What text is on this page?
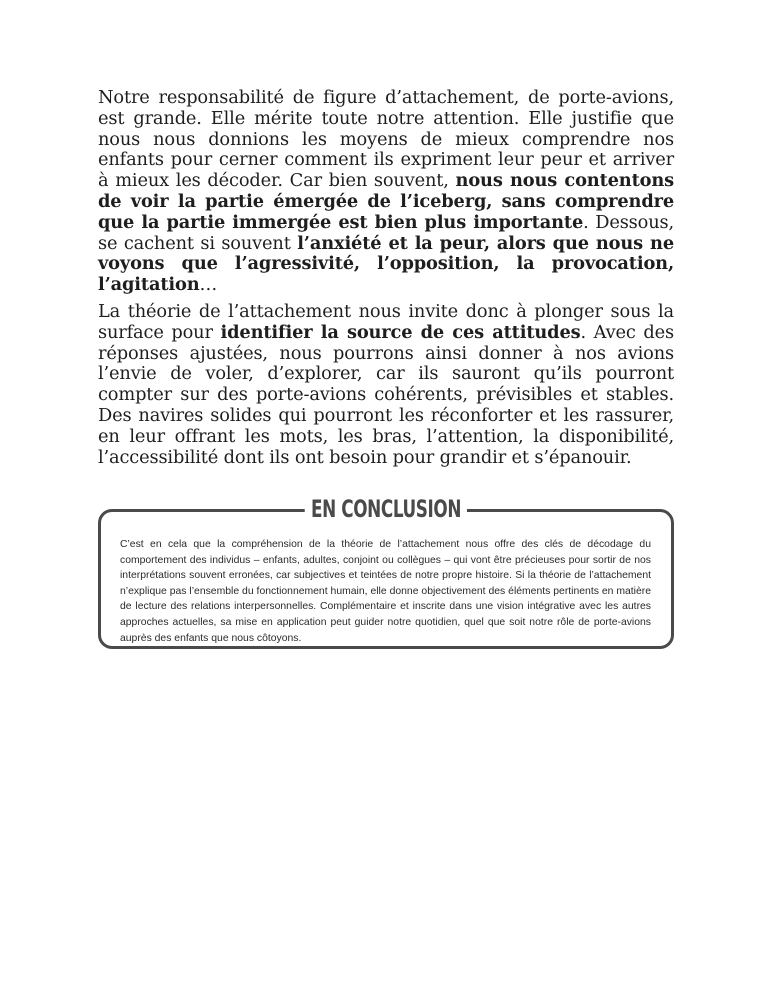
Notre responsabilité de figure d’attachement, de porte-avions, est grande. Elle mérite toute notre attention. Elle justifie que nous nous donnions les moyens de mieux comprendre nos enfants pour cerner comment ils expriment leur peur et arriver à mieux les décoder. Car bien souvent, nous nous contentons de voir la partie émergée de l’iceberg, sans comprendre que la partie immergée est bien plus importante. Dessous, se cachent si souvent l’anxiété et la peur, alors que nous ne voyons que l’agressivité, l’opposition, la provocation, l’agitation…

La théorie de l’attachement nous invite donc à plonger sous la surface pour identifier la source de ces attitudes. Avec des réponses ajustées, nous pourrons ainsi donner à nos avions l’envie de voler, d’explorer, car ils sauront qu’ils pourront compter sur des porte-avions cohérents, prévisibles et stables. Des navires solides qui pourront les réconforter et les rassurer, en leur offrant les mots, les bras, l’attention, la disponibilité, l’accessibilité dont ils ont besoin pour grandir et s’épanouir.

EN CONCLUSION

C’est en cela que la compréhension de la théorie de l’attachement nous offre des clés de décodage du comportement des individus – enfants, adultes, conjoint ou collègues – qui vont être précieuses pour sortir de nos interprétations souvent erronées, car subjectives et teintées de notre propre histoire. Si la théorie de l’attachement n’explique pas l’ensemble du fonctionnement humain, elle donne objectivement des éléments pertinents en matière de lecture des relations interpersonnelles. Complémentaire et inscrite dans une vision intégrative avec les autres approches actuelles, sa mise en application peut guider notre quotidien, quel que soit notre rôle de porte-avions auprès des enfants que nous côtoyons.
